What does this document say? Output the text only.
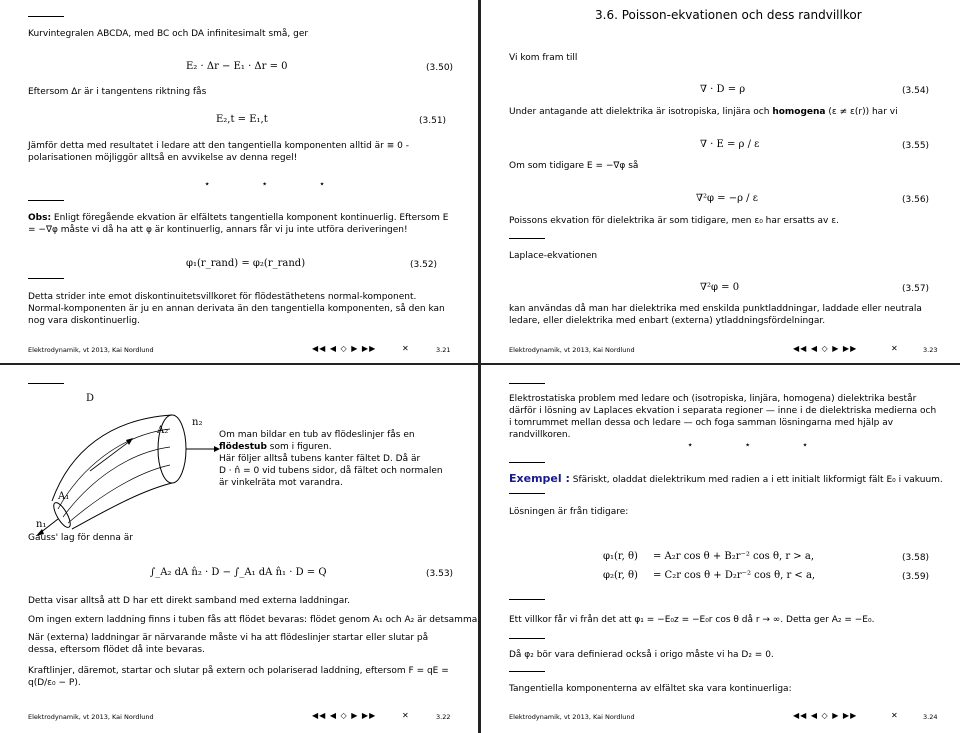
Kurvintegralen ABCDA, med BC och DA infinitesimalt små, ger
E₂ · Δr − E₁ · Δr = 0	(3.50)
Eftersom Δr är i tangentens riktning fås
E₂,t = E₁,t	(3.51)
Jämför detta med resultatet i ledare att den tangentiella komponenten alltid är ≡ 0 - polarisationen möjliggör alltså en avvikelse av denna regel!
⋆ ⋆ ⋆
Obs: Enligt föregående ekvation är elfältets tangentiella komponent kontinuerlig. Eftersom E = −∇φ måste vi då ha att φ är kontinuerlig, annars får vi ju inte utföra deriveringen!
φ₁(r_rand) = φ₂(r_rand)	(3.52)
Detta strider inte emot diskontinuitetsvillkoret för flödestäthetens normal-komponent. Normal-komponenten är ju en annan derivata än den tangentiella komponenten, så den kan nog vara diskontinuerlig.
Elektrodynamik, vt 2013, Kai Nordlund	◀◀ ◀ ◇ ▶ ▶▶	✕	3.21
3.6. Poisson-ekvationen och dess randvillkor
Vi kom fram till
∇ · D = ρ	(3.54)
Under antagande att dielektrika är isotropiska, linjära och homogena (ε ≠ ε(r)) har vi
∇ · E = ρ / ε	(3.55)
Om som tidigare E = −∇φ så
∇²φ = −ρ / ε	(3.56)
Poissons ekvation för dielektrika är som tidigare, men ε₀ har ersatts av ε.
Laplace-ekvationen
∇²φ = 0	(3.57)
kan användas då man har dielektrika med enskilda punktladdningar, laddade eller neutrala ledare, eller dielektrika med enbart (externa) ytladdningsfördelningar.
Elektrodynamik, vt 2013, Kai Nordlund	◀◀ ◀ ◇ ▶ ▶▶	✕	3.23
D
A₂
n₂
A₁
n₁
Om man bildar en tub av flödeslinjer fås en
flödestub som i figuren.
Här följer alltså tubens kanter fältet D. Då är
D · n̂ = 0 vid tubens sidor, då fältet och normalen
är vinkelräta mot varandra.
Gauss' lag för denna är
∫_A₂ dA n̂₂ · D − ∫_A₁ dA n̂₁ · D = Q	(3.53)
Detta visar alltså att D har ett direkt samband med externa laddningar.
Om ingen extern laddning finns i tuben fås att flödet bevaras: flödet genom A₁ och A₂ är detsamma.
När (externa) laddningar är närvarande måste vi ha att flödeslinjer startar eller slutar på dessa, eftersom flödet då inte bevaras.
Kraftlinjer, däremot, startar och slutar på extern och polariserad laddning, eftersom F = qE = q(D/ε₀ − P).
Elektrodynamik, vt 2013, Kai Nordlund	◀◀ ◀ ◇ ▶ ▶▶	✕	3.22
Elektrostatiska problem med ledare och (isotropiska, linjära, homogena) dielektrika består därför i lösning av Laplaces ekvation i separata regioner — inne i de dielektriska medierna och i tomrummet mellan dessa och ledare — och foga samman lösningarna med hjälp av randvillkoren.
⋆ ⋆ ⋆
Exempel : Sfäriskt, oladdat dielektrikum med radien a i ett initialt likformigt fält E₀ i vakuum.
Lösningen är från tidigare:
φ₁(r, θ) = A₂r cos θ + B₂r⁻² cos θ, r > a,	(3.58)
φ₂(r, θ) = C₂r cos θ + D₂r⁻² cos θ, r < a,	(3.59)
Ett villkor får vi från det att φ₁ = −E₀z = −E₀r cos θ då r → ∞. Detta ger A₂ = −E₀.
Då φ₂ bör vara definierad också i origo måste vi ha D₂ = 0.
Tangentiella komponenterna av elfältet ska vara kontinuerliga:
Elektrodynamik, vt 2013, Kai Nordlund	◀◀ ◀ ◇ ▶ ▶▶	✕	3.24
